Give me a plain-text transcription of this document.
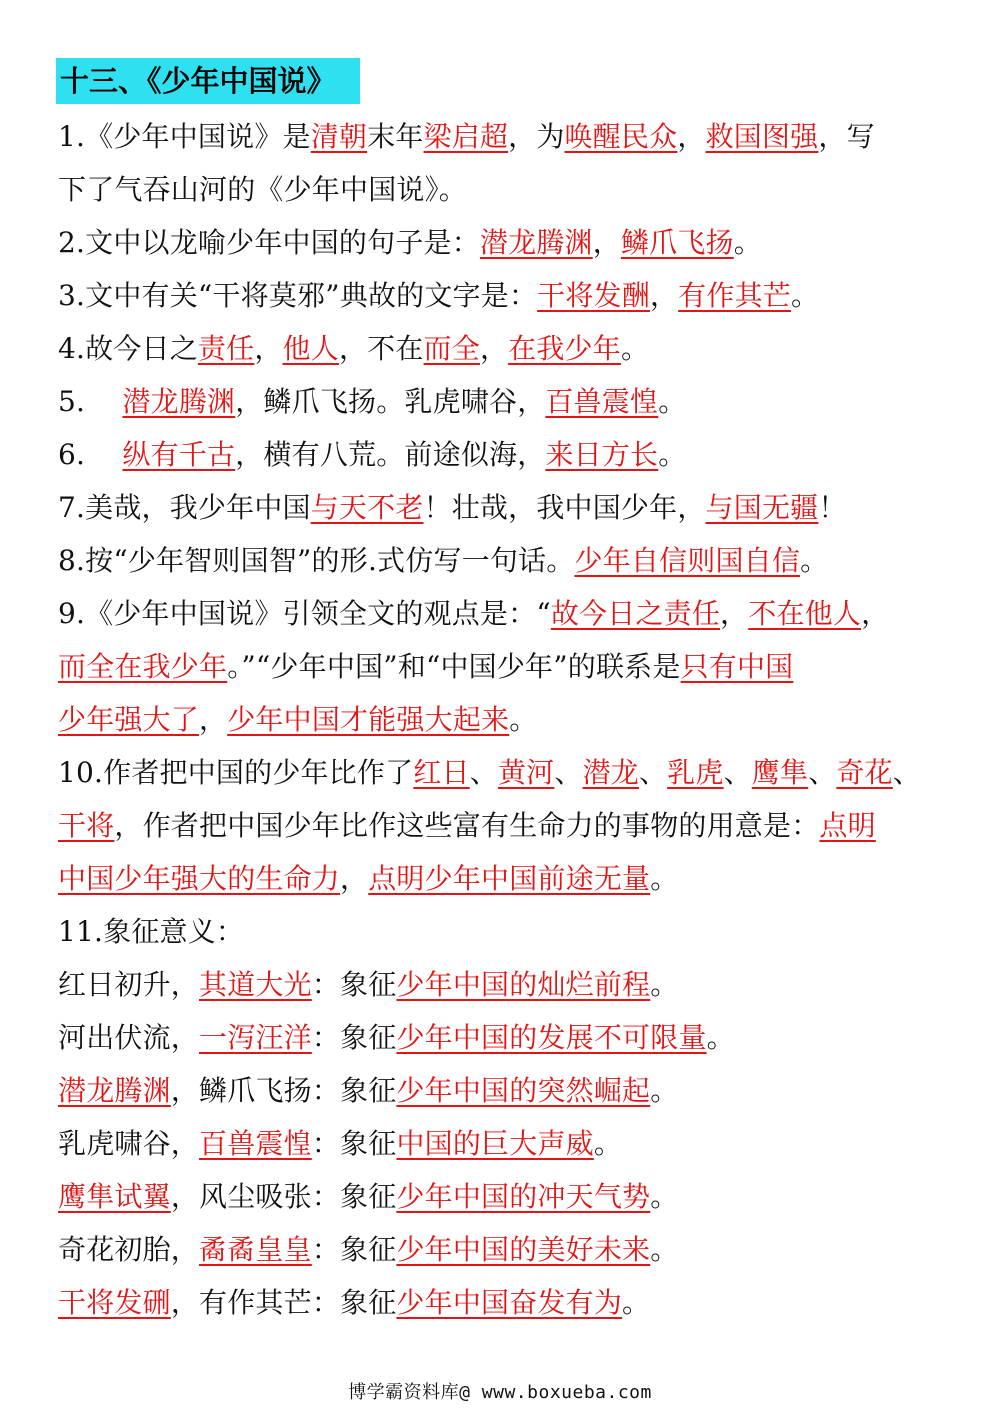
十三、《少年中国说》
1.《少年中国说》是清朝末年梁启超，为唤醒民众，救国图强，写
下了气吞山河的《少年中国说》。
2.文中以龙喻少年中国的句子是：潜龙腾渊，鳞爪飞扬。
3.文中有关“干将莫邪”典故的文字是：干将发酬，有作其芒。
4.故今日之责任，他人，不在而全，在我少年。
5.　 潜龙腾渊，鳞爪飞扬。乳虎啸谷，百兽震惶。
6.　 纵有千古，横有八荒。前途似海，来日方长。
7.美哉，我少年中国与天不老！壮哉，我中国少年，与国无疆！
8.按“少年智则国智”的形.式仿写一句话。少年自信则国自信。
9.《少年中国说》引领全文的观点是：“故今日之责任，不在他人，
而全在我少年。”“少年中国”和“中国少年”的联系是只有中国
少年强大了，少年中国才能强大起来。
10.作者把中国的少年比作了红日、黄河、潜龙、乳虎、鹰隼、奇花、
干将，作者把中国少年比作这些富有生命力的事物的用意是：点明
中国少年强大的生命力，点明少年中国前途无量。
11.象征意义：
红日初升，其道大光：象征少年中国的灿烂前程。
河出伏流，一泻汪洋：象征少年中国的发展不可限量。
潜龙腾渊，鳞爪飞扬：象征少年中国的突然崛起。
乳虎啸谷，百兽震惶：象征中国的巨大声威。
鹰隼试翼，风尘吸张：象征少年中国的冲天气势。
奇花初胎，矞矞皇皇：象征少年中国的美好未来。
干将发硎，有作其芒：象征少年中国奋发有为。
博学霸资料库@ www.boxueba.com
